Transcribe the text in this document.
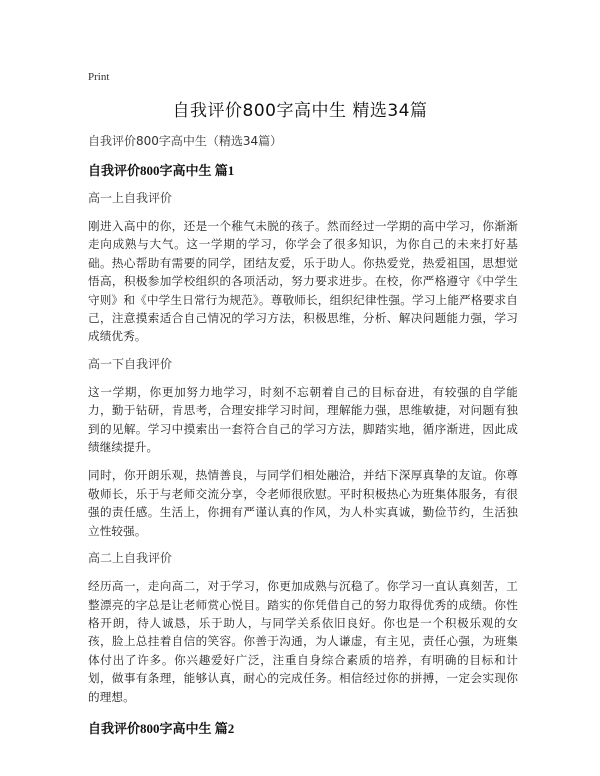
Print
自我评价800字高中生 精选34篇

自我评价800字高中生（精选34篇）

自我评价800字高中生 篇1

高一上自我评价

刚进入高中的你，还是一个稚气未脱的孩子。然而经过一学期的高中学习，你渐渐走向成熟与大气。这一学期的学习，你学会了很多知识，为你自己的未来打好基础。热心帮助有需要的同学，团结友爱，乐于助人。你热爱党，热爱祖国，思想觉悟高，积极参加学校组织的各项活动，努力要求进步。在校，你严格遵守《中学生守则》和《中学生日常行为规范》。尊敬师长，组织纪律性强。学习上能严格要求自己，注意摸索适合自己情况的学习方法，积极思维，分析、解决问题能力强，学习成绩优秀。

高一下自我评价

这一学期，你更加努力地学习，时刻不忘朝着自己的目标奋进，有较强的自学能力，勤于钻研，肯思考，合理安排学习时间，理解能力强，思维敏捷，对问题有独到的见解。学习中摸索出一套符合自己的学习方法，脚踏实地，循序渐进，因此成绩继续提升。

同时，你开朗乐观，热情善良，与同学们相处融洽，并结下深厚真挚的友谊。你尊敬师长，乐于与老师交流分享，令老师很欣慰。平时积极热心为班集体服务，有很强的责任感。生活上，你拥有严谨认真的作风，为人朴实真诚，勤俭节约，生活独立性较强。

高二上自我评价

经历高一，走向高二，对于学习，你更加成熟与沉稳了。你学习一直认真刻苦，工整漂亮的字总是让老师赏心悦目。踏实的你凭借自己的努力取得优秀的成绩。你性格开朗，待人诚恳，乐于助人，与同学关系依旧良好。你也是一个积极乐观的女孩，脸上总挂着自信的笑容。你善于沟通，为人谦虚，有主见，责任心强，为班集体付出了许多。你兴趣爱好广泛，注重自身综合素质的培养，有明确的目标和计划，做事有条理，能够认真，耐心的完成任务。相信经过你的拼搏，一定会实现你的理想。

自我评价800字高中生 篇2
